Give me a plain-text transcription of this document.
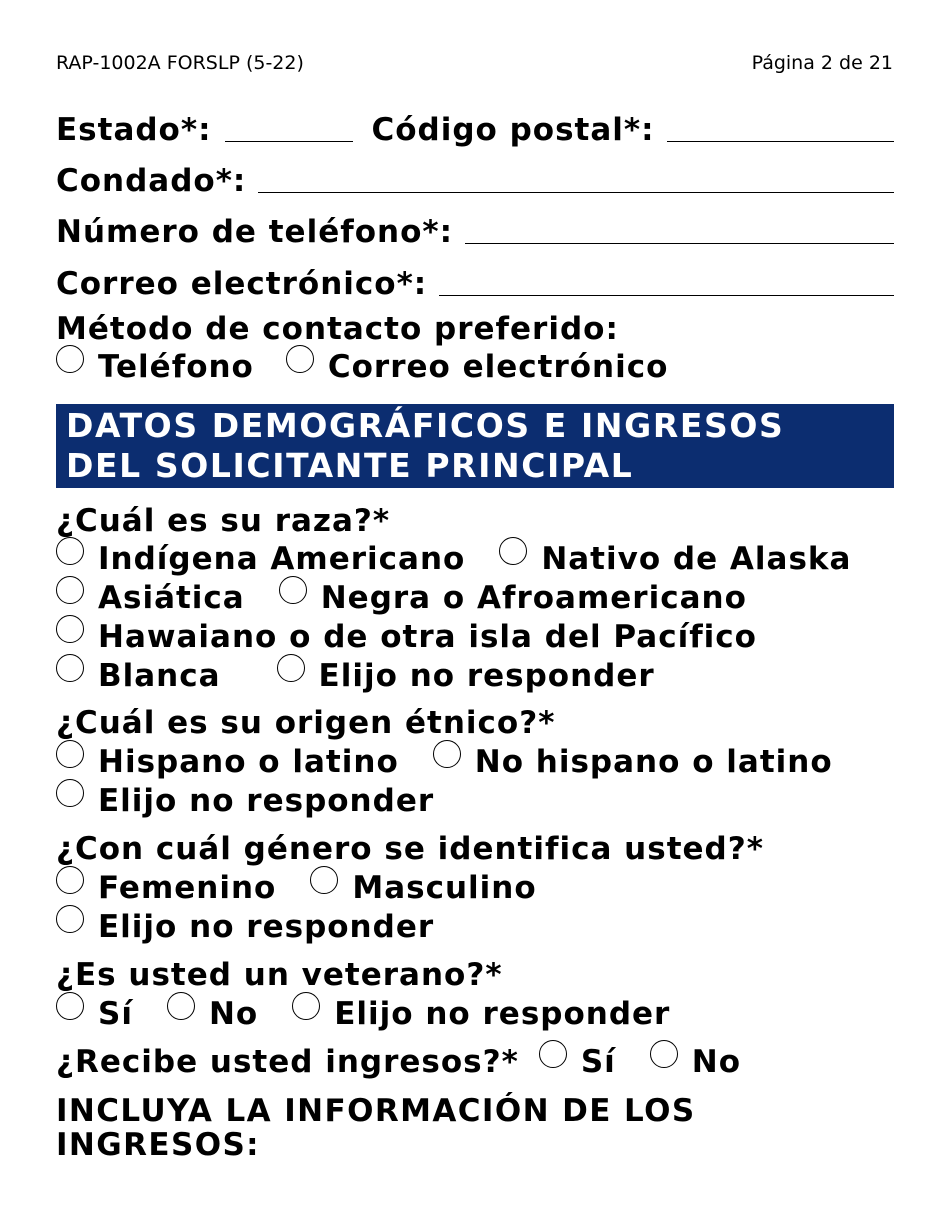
RAP-1002A FORSLP (5-22)	Página 2 de 21
Estado*:	Código postal*:
Condado*:
Número de teléfono*:
Correo electrónico*:
Método de contacto preferido:
Teléfono Correo electrónico
DATOS DEMOGRÁFICOS E INGRESOS
DEL SOLICITANTE PRINCIPAL
¿Cuál es su raza?*
Indígena Americano Nativo de Alaska
Asiática Negra o Afroamericano
Hawaiano o de otra isla del Pacífico
Blanca	Elijo no responder
¿Cuál es su origen étnico?*
Hispano o latino No hispano o latino
Elijo no responder
¿Con cuál género se identifica usted?*
Femenino Masculino
Elijo no responder
¿Es usted un veterano?*
Sí No Elijo no responder
¿Recibe usted ingresos?* Sí No
INCLUYA LA INFORMACIÓN DE LOS
INGRESOS:
